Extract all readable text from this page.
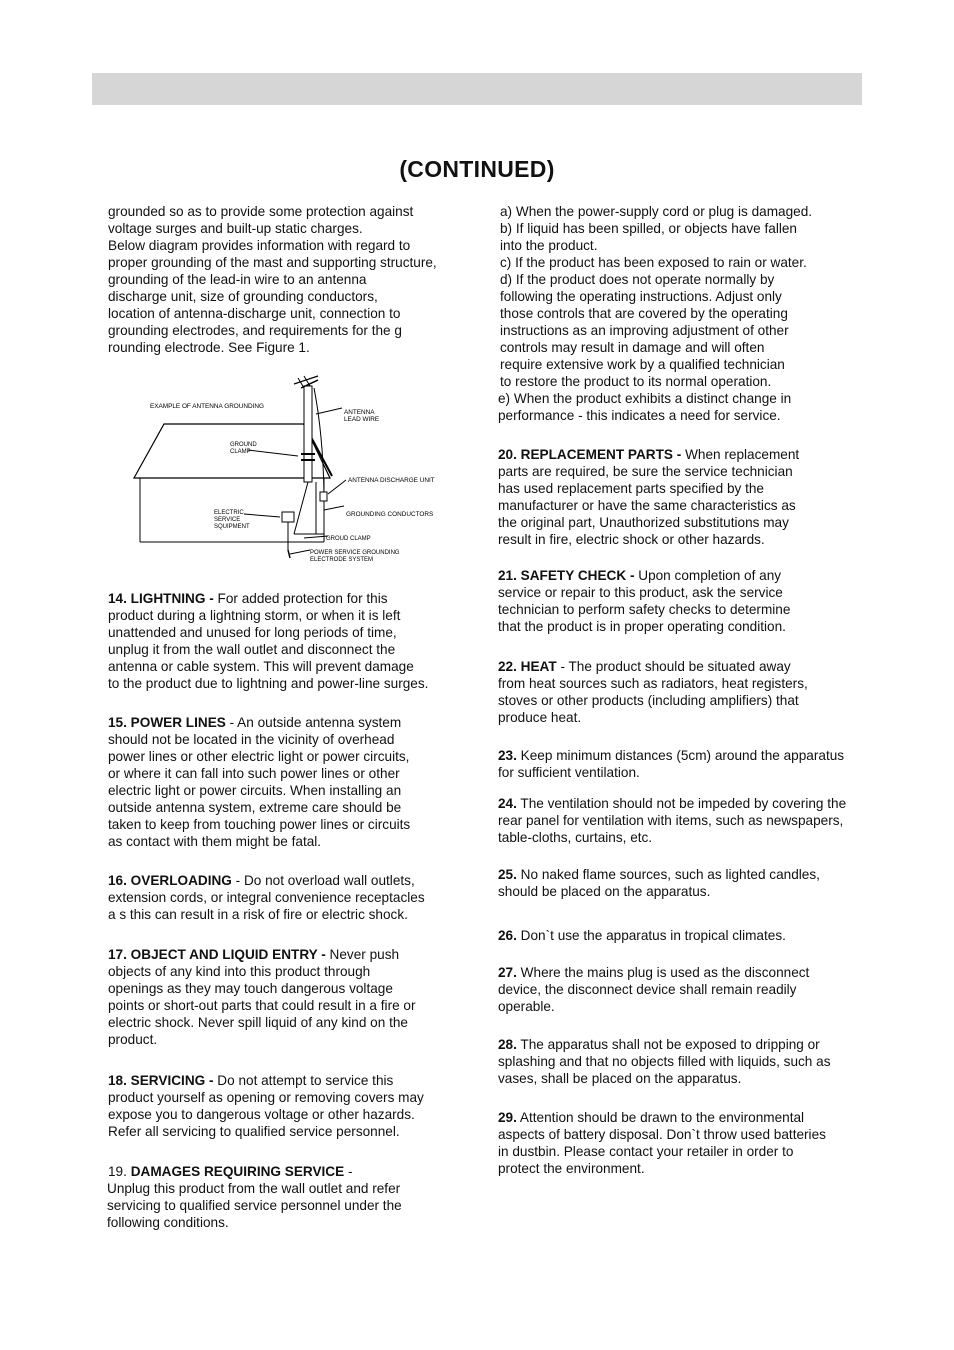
(CONTINUED)

grounded so as to provide some protection against
voltage surges and built-up static charges.
Below diagram provides information with regard to
proper grounding of the mast and supporting structure,
grounding of the lead-in wire to an antenna
discharge unit, size of grounding conductors,
location of antenna-discharge unit, connection to
grounding electrodes, and requirements for the g
rounding electrode. See Figure 1.

EXAMPLE OF ANTENNA GROUNDING
ANTENNA LEAD WIRE
GROUND CLAMP
ANTENNA DISCHARGE UNIT
ELECTRIC SERVICE SQUIPMENT
GROUNDING CONDUCTORS
GROUD CLAMP
POWER SERVICE GROUNDING ELECTRODE SYSTEM

14. LIGHTNING - For added protection for this
product during a lightning storm, or when it is left
unattended and unused for long periods of time,
unplug it from the wall outlet and disconnect the
antenna or cable system. This will prevent damage
to the product due to lightning and power-line surges.

15. POWER LINES - An outside antenna system
should not be located in the vicinity of overhead
power lines or other electric light or power circuits,
or where it can fall into such power lines or other
electric light or power circuits. When installing an
outside antenna system, extreme care should be
taken to keep from touching power lines or circuits
as contact with them might be fatal.

16. OVERLOADING - Do not overload wall outlets,
extension cords, or integral convenience receptacles
a s this can result in a risk of fire or electric shock.

17. OBJECT AND LIQUID ENTRY - Never push
objects of any kind into this product through
openings as they may touch dangerous voltage
points or short-out parts that could result in a fire or
electric shock. Never spill liquid of any kind on the
product.

18. SERVICING - Do not attempt to service this
product yourself as opening or removing covers may
expose you to dangerous voltage or other hazards.
Refer all servicing to qualified service personnel.

19. DAMAGES REQUIRING SERVICE -

Unplug this product from the wall outlet and refer
servicing to qualified service personnel under the
following conditions.

a) When the power-supply cord or plug is damaged.

b) If liquid has been spilled, or objects have fallen
into the product.

c) If the product has been exposed to rain or water.

d) If the product does not operate normally by
following the operating instructions. Adjust only
those controls that are covered by the operating
instructions as an improving adjustment of other
controls may result in damage and will often
require extensive work by a qualified technician
to restore the product to its normal operation.

e) When the product exhibits a distinct change in
performance - this indicates a need for service.

20. REPLACEMENT PARTS - When replacement
parts are required, be sure the service technician
has used replacement parts specified by the
manufacturer or have the same characteristics as
the original part, Unauthorized substitutions may
result in fire, electric shock or other hazards.

21. SAFETY CHECK - Upon completion of any
service or repair to this product, ask the service
technician to perform safety checks to determine
that the product is in proper operating condition.

22. HEAT - The product should be situated away
from heat sources such as radiators, heat registers,
stoves or other products (including amplifiers) that
produce heat.

23. Keep minimum distances (5cm) around the apparatus
for sufficient ventilation.

24. The ventilation should not be impeded by covering the
rear panel for ventilation with items, such as newspapers,
table-cloths, curtains, etc.

25. No naked flame sources, such as lighted candles,
should be placed on the apparatus.

26. Don`t use the apparatus in tropical climates.

27. Where the mains plug is used as the disconnect
device, the disconnect device shall remain readily
operable.

28. The apparatus shall not be exposed to dripping or
splashing and that no objects filled with liquids, such as
vases, shall be placed on the apparatus.

29. Attention should be drawn to the environmental
aspects of battery disposal. Don`t throw used batteries
in dustbin. Please contact your retailer in order to
protect the environment.
